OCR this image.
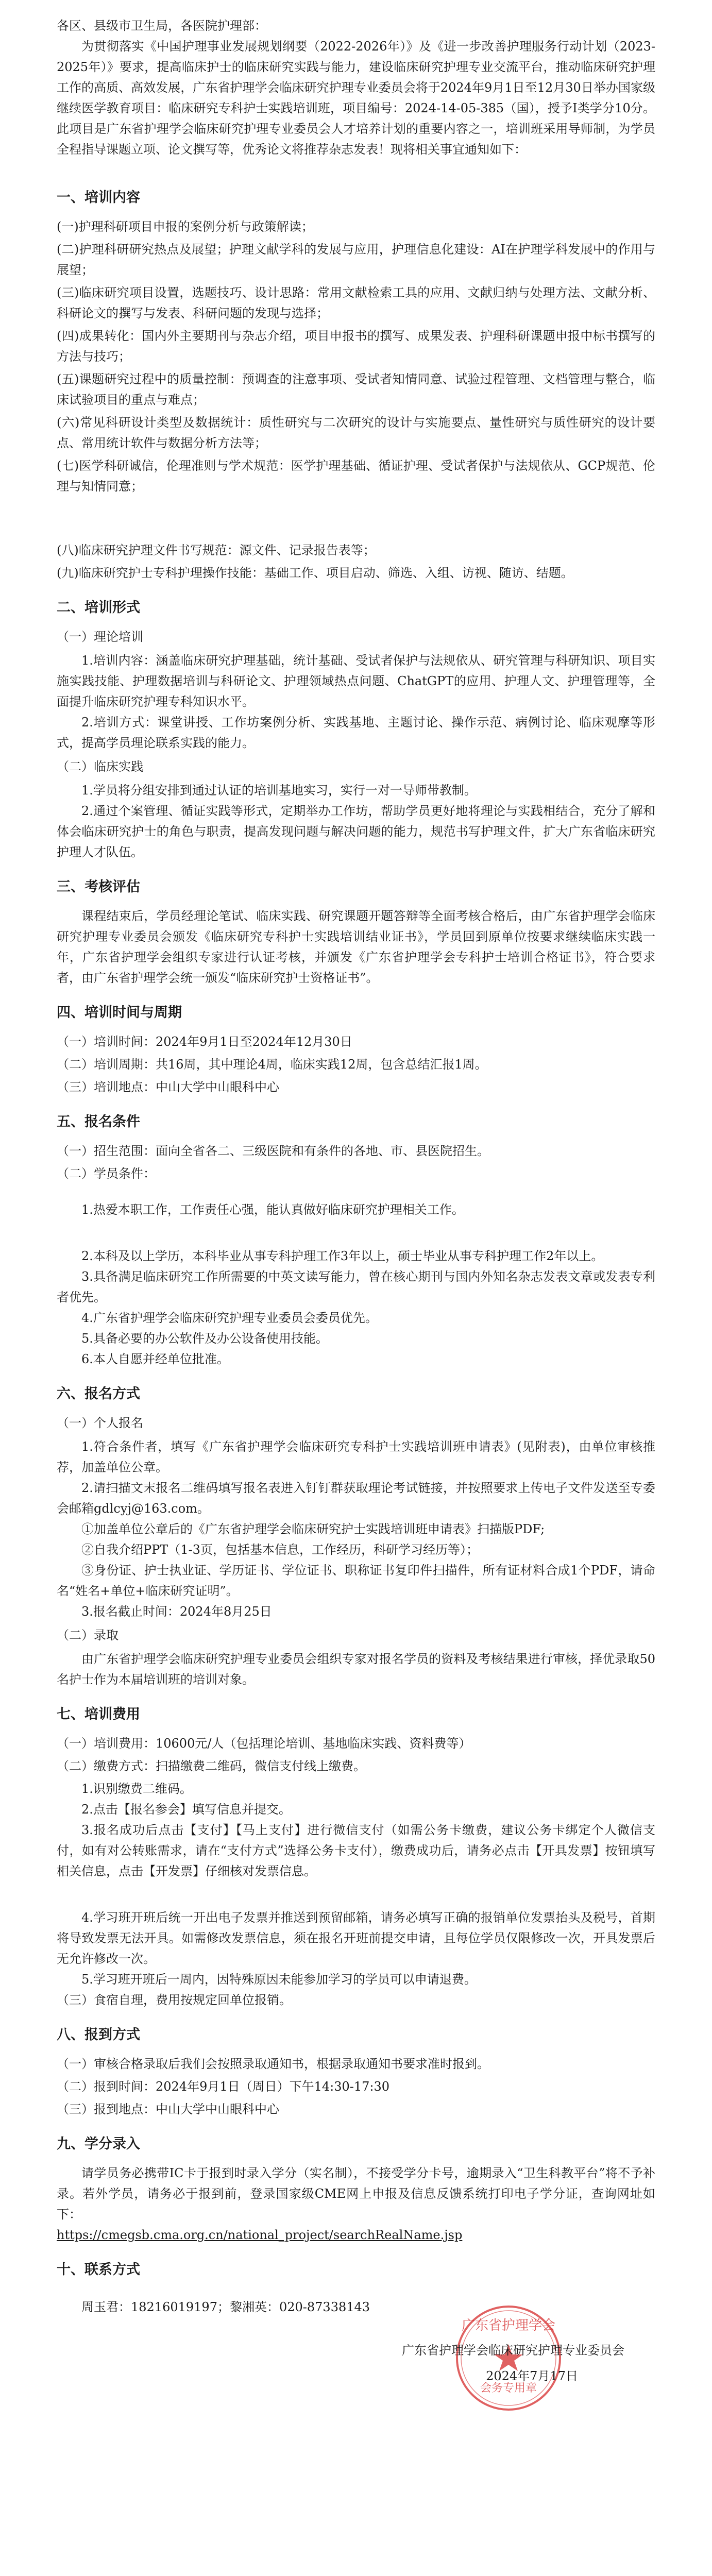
各区、县级市卫生局，各医院护理部：

为贯彻落实《中国护理事业发展规划纲要（2022-2026年）》及《进一步改善护理服务行动计划（2023-2025年）》要求，提高临床护士的临床研究实践与能力，建设临床研究护理专业交流平台，推动临床研究护理工作的高质、高效发展，广东省护理学会临床研究护理专业委员会将于2024年9月1日至12月30日举办国家级继续医学教育项目：临床研究专科护士实践培训班，项目编号：2024-14-05-385（国），授予I类学分10分。此项目是广东省护理学会临床研究护理专业委员会人才培养计划的重要内容之一，培训班采用导师制，为学员全程指导课题立项、论文撰写等，优秀论文将推荐杂志发表！现将相关事宜通知如下：

一、培训内容

(一)护理科研项目申报的案例分析与政策解读；

(二)护理科研研究热点及展望；护理文献学科的发展与应用，护理信息化建设：AI在护理学科发展中的作用与展望；

(三)临床研究项目设置，选题技巧、设计思路：常用文献检索工具的应用、文献归纳与处理方法、文献分析、科研论文的撰写与发表、科研问题的发现与选择；

(四)成果转化：国内外主要期刊与杂志介绍，项目申报书的撰写、成果发表、护理科研课题申报中标书撰写的方法与技巧；

(五)课题研究过程中的质量控制：预调查的注意事项、受试者知情同意、试验过程管理、文档管理与整合，临床试验项目的重点与难点；

(六)常见科研设计类型及数据统计：质性研究与二次研究的设计与实施要点、量性研究与质性研究的设计要点、常用统计软件与数据分析方法等；

(七)医学科研诚信，伦理准则与学术规范：医学护理基础、循证护理、受试者保护与法规依从、GCP规范、伦理与知情同意；

(八)临床研究护理文件书写规范：源文件、记录报告表等；

(九)临床研究护士专科护理操作技能：基础工作、项目启动、筛选、入组、访视、随访、结题。

二、培训形式

（一）理论培训

1.培训内容：涵盖临床研究护理基础，统计基础、受试者保护与法规依从、研究管理与科研知识、项目实施实践技能、护理数据培训与科研论文、护理领域热点问题、ChatGPT的应用、护理人文、护理管理等，全面提升临床研究护理专科知识水平。

2.培训方式：课堂讲授、工作坊案例分析、实践基地、主题讨论、操作示范、病例讨论、临床观摩等形式，提高学员理论联系实践的能力。

（二）临床实践

1.学员将分组安排到通过认证的培训基地实习，实行一对一导师带教制。

2.通过个案管理、循证实践等形式，定期举办工作坊，帮助学员更好地将理论与实践相结合，充分了解和体会临床研究护士的角色与职责，提高发现问题与解决问题的能力，规范书写护理文件，扩大广东省临床研究护理人才队伍。

三、考核评估

课程结束后，学员经理论笔试、临床实践、研究课题开题答辩等全面考核合格后，由广东省护理学会临床研究护理专业委员会颁发《临床研究专科护士实践培训结业证书》，学员回到原单位按要求继续临床实践一年，广东省护理学会组织专家进行认证考核，并颁发《广东省护理学会专科护士培训合格证书》，符合要求者，由广东省护理学会统一颁发“临床研究护士资格证书”。

四、培训时间与周期

（一）培训时间：2024年9月1日至2024年12月30日

（二）培训周期：共16周，其中理论4周，临床实践12周，包含总结汇报1周。

（三）培训地点：中山大学中山眼科中心

五、报名条件

（一）招生范围：面向全省各二、三级医院和有条件的各地、市、县医院招生。

（二）学员条件：

1.热爱本职工作，工作责任心强，能认真做好临床研究护理相关工作。

2.本科及以上学历，本科毕业从事专科护理工作3年以上，硕士毕业从事专科护理工作2年以上。

3.具备满足临床研究工作所需要的中英文读写能力，曾在核心期刊与国内外知名杂志发表文章或发表专利者优先。

4.广东省护理学会临床研究护理专业委员会委员优先。

5.具备必要的办公软件及办公设备使用技能。

6.本人自愿并经单位批准。

六、报名方式

（一）个人报名

1.符合条件者，填写《广东省护理学会临床研究专科护士实践培训班申请表》(见附表)，由单位审核推荐，加盖单位公章。

2.请扫描文末报名二维码填写报名表进入钉钉群获取理论考试链接，并按照要求上传电子文件发送至专委会邮箱gdlcyj@163.com。

①加盖单位公章后的《广东省护理学会临床研究护士实践培训班申请表》扫描版PDF;

②自我介绍PPT（1-3页，包括基本信息，工作经历，科研学习经历等）；

③身份证、护士执业证、学历证书、学位证书、职称证书复印件扫描件，所有证材料合成1个PDF，请命名“姓名+单位+临床研究证明”。

3.报名截止时间：2024年8月25日

（二）录取

由广东省护理学会临床研究护理专业委员会组织专家对报名学员的资料及考核结果进行审核，择优录取50名护士作为本届培训班的培训对象。

七、培训费用

（一）培训费用：10600元/人（包括理论培训、基地临床实践、资料费等）

（二）缴费方式：扫描缴费二维码，微信支付线上缴费。

1.识别缴费二维码。

2.点击【报名参会】填写信息并提交。

3.报名成功后点击【支付】【马上支付】进行微信支付（如需公务卡缴费，建议公务卡绑定个人微信支付，如有对公转账需求，请在“支付方式”选择公务卡支付），缴费成功后，请务必点击【开具发票】按钮填写相关信息，点击【开发票】仔细核对发票信息。

4.学习班开班后统一开出电子发票并推送到预留邮箱，请务必填写正确的报销单位发票抬头及税号，首期将导致发票无法开具。如需修改发票信息，须在报名开班前提交申请，且每位学员仅限修改一次，开具发票后无允许修改一次。

5.学习班开班后一周内，因特殊原因未能参加学习的学员可以申请退费。

（三）食宿自理，费用按规定回单位报销。

八、报到方式

（一）审核合格录取后我们会按照录取通知书，根据录取通知书要求准时报到。

（二）报到时间：2024年9月1日（周日）下午14:30-17:30

（三）报到地点：中山大学中山眼科中心

九、学分录入

请学员务必携带IC卡于报到时录入学分（实名制），不接受学分卡号，逾期录入“卫生科教平台”将不予补录。若外学员，请务必于报到前，登录国家级CME网上申报及信息反馈系统打印电子学分证，查询网址如下：

https://cmegsb.cma.org.cn/national_project/searchRealName.jsp

十、联系方式

周玉君：18216019197；黎湘英：020-87338143

广东省护理学会
会务专用章
广东省护理学会临床研究护理专业委员会
2024年7月17日
